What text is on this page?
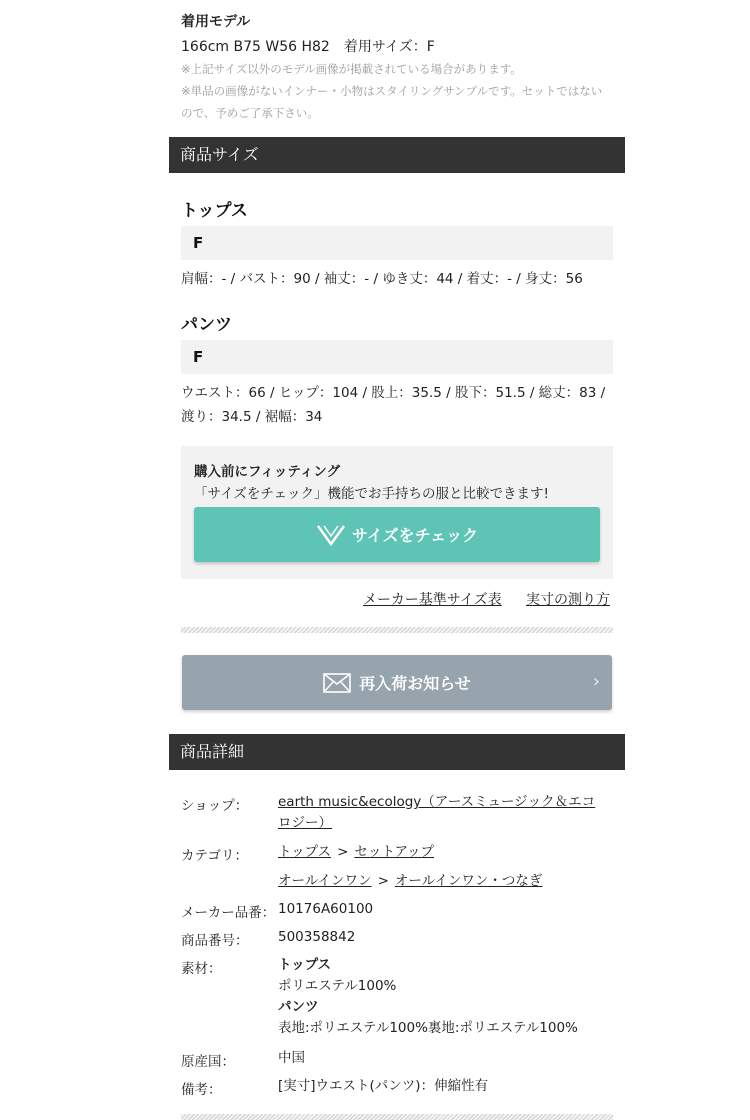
着用モデル
166cm B75 W56 H82　着用サイズ：F
※上記サイズ以外のモデル画像が掲載されている場合があります。
※単品の画像がないインナー・小物はスタイリングサンプルです。セットではないので、予めご了承下さい。
商品サイズ
トップス
F
肩幅：- / バスト：90 / 袖丈：- / ゆき丈：44 / 着丈：- / 身丈：56
パンツ
F
ウエスト：66 / ヒップ：104 / 股上：35.5 / 股下：51.5 / 総丈：83 / 渡り：34.5 / 裾幅：34
購入前にフィッティング
「サイズをチェック」機能でお手持ちの服と比較できます!
サイズをチェック
メーカー基準サイズ表 実寸の測り方
再入荷お知らせ	›
商品詳細
ショップ： earth music&ecology（アースミュージック＆エコロジー）
カテゴリ： トップス > セットアップ
オールインワン > オールインワン・つなぎ
メーカー品番： 10176A60100
商品番号： 500358842
素材：	トップス
ポリエステル100%
パンツ
表地:ポリエステル100%裏地:ポリエステル100%
原産国：	中国
備考：	[実寸]ウエスト(パンツ)：伸縮性有
